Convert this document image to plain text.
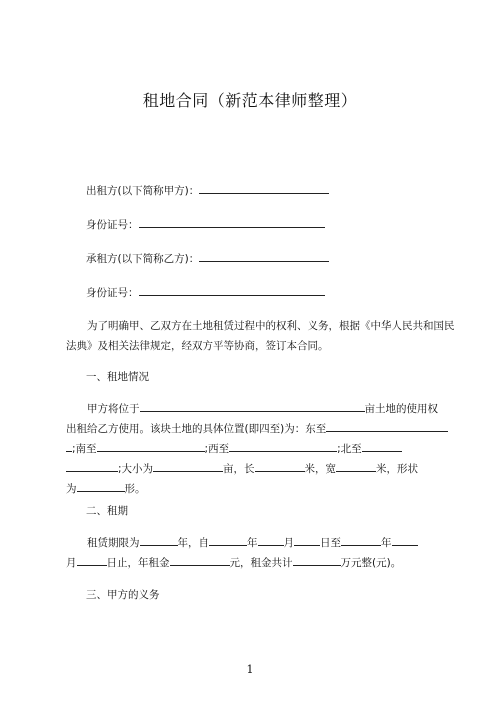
租地合同（新范本律师整理）
出租方(以下简称甲方)：
身份证号：
承租方(以下简称乙方)：
身份证号：
为了明确甲、乙双方在土地租赁过程中的权利、义务，根据《中华人民共和国民
法典》及相关法律规定，经双方平等协商，签订本合同。
一、租地情况
甲方将位于	亩土地的使用权
出租给乙方使用。该块土地的具体位置(即四至)为：东至
;南至	;西至	;北至
;大小为	亩，长	米，宽	米，形状
为	形。
二、租期
租赁期限为	年，自	年 月 日至	年
月	日止，年租金	元，租金共计	万元整(元)。
三、甲方的义务
1
